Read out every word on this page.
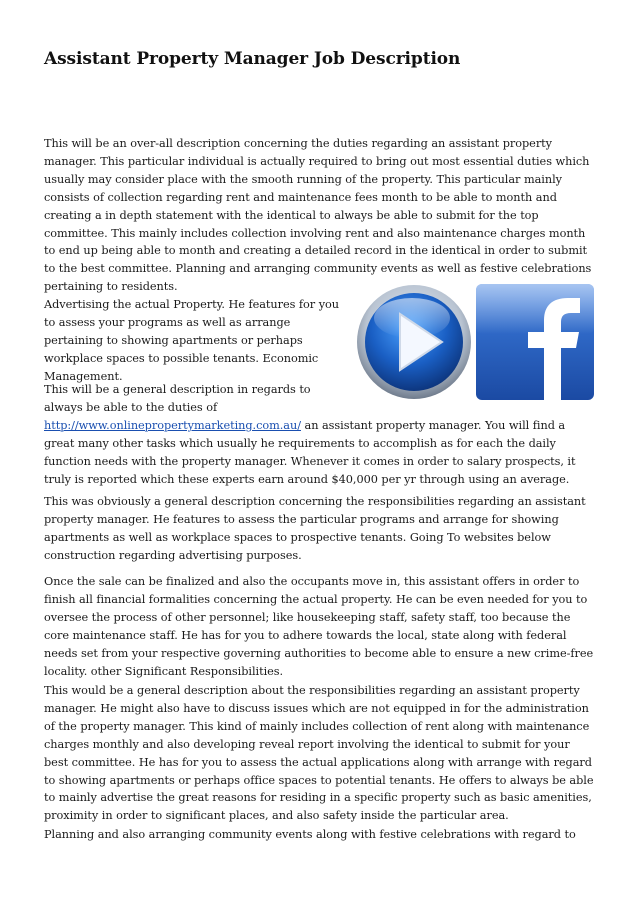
Assistant Property Manager Job Description

This will be an over-all description concerning the duties regarding an assistant property manager. This particular individual is actually required to bring out most essential duties which usually may consider place with the smooth running of the property. This particular mainly consists of collection regarding rent and maintenance fees month to be able to month and creating a in depth statement with the identical to always be able to submit for the top committee. This mainly includes collection involving rent and also maintenance charges month to end up being able to month and creating a detailed record in the identical in order to submit to the best committee. Planning and arranging community events as well as festive celebrations pertaining to residents.

Advertising the actual Property. He features for you to assess your programs as well as arrange pertaining to showing apartments or perhaps workplace spaces to possible tenants. Economic Management.

This will be a general description in regards to always be able to the duties of

http://www.onlinepropertymarketing.com.au/ an assistant property manager. You will find a great many other tasks which usually he requirements to accomplish as for each the daily function needs with the property manager. Whenever it comes in order to salary prospects, it truly is reported which these experts earn around $40,000 per yr through using an average.

This was obviously a general description concerning the responsibilities regarding an assistant property manager. He features to assess the particular programs and arrange for showing apartments as well as workplace spaces to prospective tenants. Going To websites below construction regarding advertising purposes.

Once the sale can be finalized and also the occupants move in, this assistant offers in order to finish all financial formalities concerning the actual property. He can be even needed for you to oversee the process of other personnel; like housekeeping staff, safety staff, too because the core maintenance staff. He has for you to adhere towards the local, state along with federal needs set from your respective governing authorities to become able to ensure a new crime-free locality. other Significant Responsibilities.

This would be a general description about the responsibilities regarding an assistant property manager. He might also have to discuss issues which are not equipped in for the administration of the property manager. This kind of mainly includes collection of rent along with maintenance charges monthly and also developing reveal report involving the identical to submit for your best committee. He has for you to assess the actual applications along with arrange with regard to showing apartments or perhaps office spaces to potential tenants. He offers to always be able to mainly advertise the great reasons for residing in a specific property such as basic amenities, proximity in order to significant places, and also safety inside the particular area.

Planning and also arranging community events along with festive celebrations with regard to
